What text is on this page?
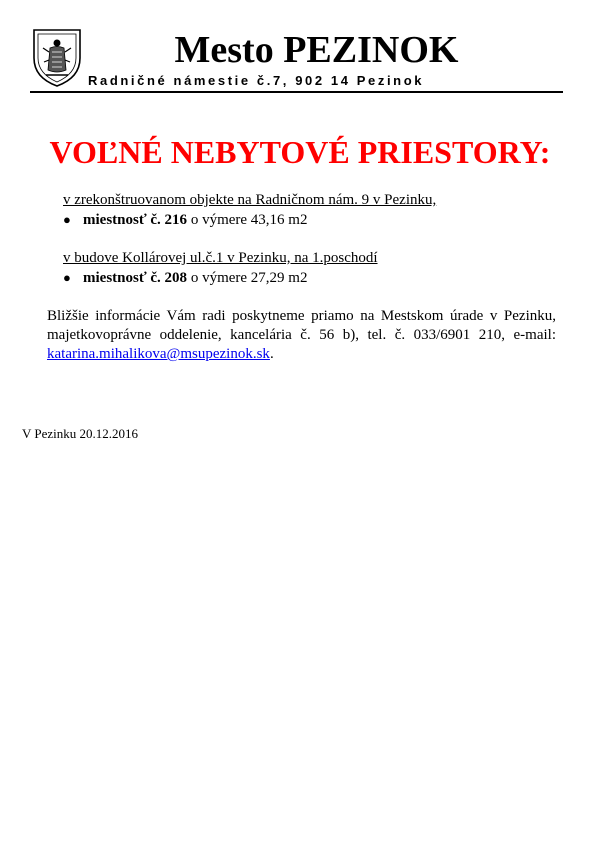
Mesto PEZINOK
Radničné námestie č.7, 902 14 Pezinok
VOĽNÉ NEBYTOVÉ PRIESTORY:
v zrekonštruovanom objekte na Radničnom nám. 9 v Pezinku,
● miestnosť č. 216
o výmere 43,16 m2
v budove Kollárovej ul.č.1 v Pezinku, na 1.poschodí
● miestnosť č. 208
o výmere 27,29 m2
Bližšie informácie Vám radi poskytneme priamo na Mestskom úrade v Pezinku, majetkovoprávne oddelenie, kancelária č. 56 b), tel. č. 033/6901 210, e-mail: katarina.mihalikova@msupezinok.sk.
V Pezinku 20.12.2016
